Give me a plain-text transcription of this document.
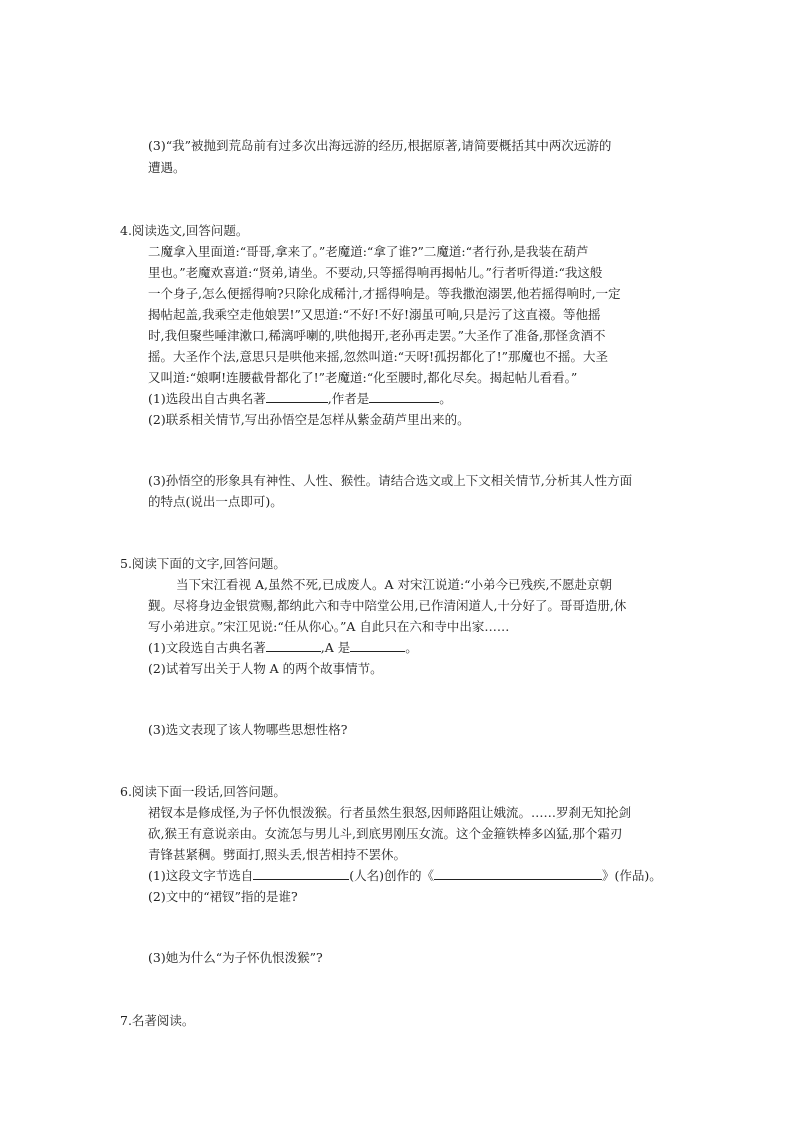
(3)“我”被抛到荒岛前有过多次出海远游的经历,根据原著,请简要概括其中两次远游的
遭遇。
4.阅读选文,回答问题。
二魔拿入里面道:“哥哥,拿来了。”老魔道:“拿了谁?”二魔道:“者行孙,是我装在葫芦
里也。”老魔欢喜道:“贤弟,请坐。不要动,只等摇得响再揭帖儿。”行者听得道:“我这般
一个身子,怎么便摇得响?只除化成稀汁,才摇得响是。等我撒泡溺罢,他若摇得响时,一定
揭帖起盖,我乘空走他娘罢!”又思道:“不好!不好!溺虽可响,只是污了这直裰。等他摇
时,我但聚些唾津漱口,稀漓呼喇的,哄他揭开,老孙再走罢。”大圣作了准备,那怪贪酒不
摇。大圣作个法,意思只是哄他来摇,忽然叫道:“天呀!孤拐都化了!”那魔也不摇。大圣
又叫道:“娘啊!连腰截骨都化了!”老魔道:“化至腰时,都化尽矣。揭起帖儿看看。”
(1)选段出自古典名著	,作者是	。
(2)联系相关情节,写出孙悟空是怎样从紫金葫芦里出来的。
(3)孙悟空的形象具有神性、人性、猴性。请结合选文或上下文相关情节,分析其人性方面
的特点(说出一点即可)。
5.阅读下面的文字,回答问题。
当下宋江看视 A,虽然不死,已成废人。A 对宋江说道:“小弟今已残疾,不愿赴京朝
觐。尽将身边金银赏赐,都纳此六和寺中陪堂公用,已作清闲道人,十分好了。哥哥造册,休
写小弟进京。”宋江见说:“任从你心。”A 自此只在六和寺中出家……
(1)文段选自古典名著	,A 是	。
(2)试着写出关于人物 A 的两个故事情节。
(3)选文表现了该人物哪些思想性格?
6.阅读下面一段话,回答问题。
裙钗本是修成怪,为子怀仇恨泼猴。行者虽然生狠怒,因师路阻让娥流。……罗刹无知抡剑
砍,猴王有意说亲由。女流怎与男儿斗,到底男刚压女流。这个金箍铁棒多凶猛,那个霜刃
青锋甚紧稠。劈面打,照头丢,恨苦相持不罢休。
(1)这段文字节选自	(人名)创作的《	》(作品)。
(2)文中的“裙钗”指的是谁?
(3)她为什么“为子怀仇恨泼猴”?
7.名著阅读。
